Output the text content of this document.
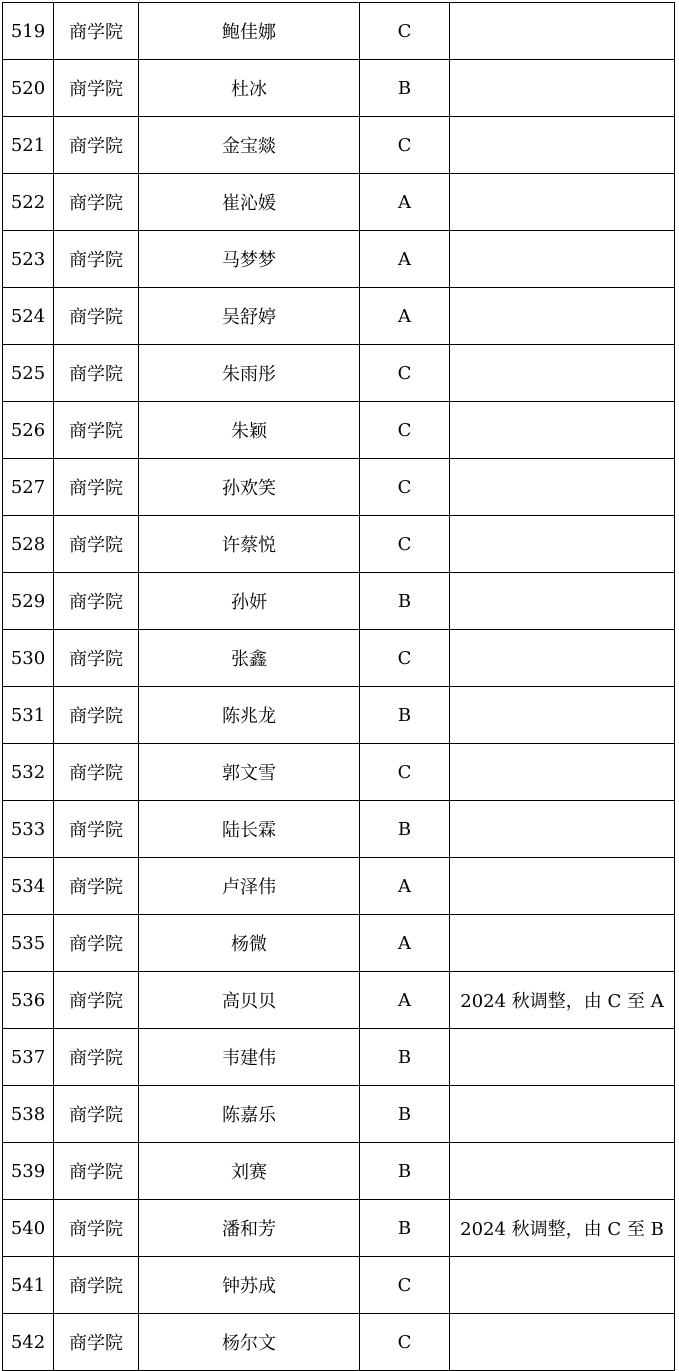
519	商学院	鲍佳娜	C	
520	商学院	杜冰	B	
521	商学院	金宝燚	C	
522	商学院	崔沁媛	A	
523	商学院	马梦梦	A	
524	商学院	吴舒婷	A	
525	商学院	朱雨彤	C	
526	商学院	朱颖	C	
527	商学院	孙欢笑	C	
528	商学院	许蔡悦	C	
529	商学院	孙妍	B	
530	商学院	张鑫	C	
531	商学院	陈兆龙	B	
532	商学院	郭文雪	C	
533	商学院	陆长霖	B	
534	商学院	卢泽伟	A	
535	商学院	杨微	A	
536	商学院	高贝贝	A	2024 秋调整，由 C 至 A
537	商学院	韦建伟	B	
538	商学院	陈嘉乐	B	
539	商学院	刘赛	B	
540	商学院	潘和芳	B	2024 秋调整，由 C 至 B
541	商学院	钟苏成	C	
542	商学院	杨尔文	C	
